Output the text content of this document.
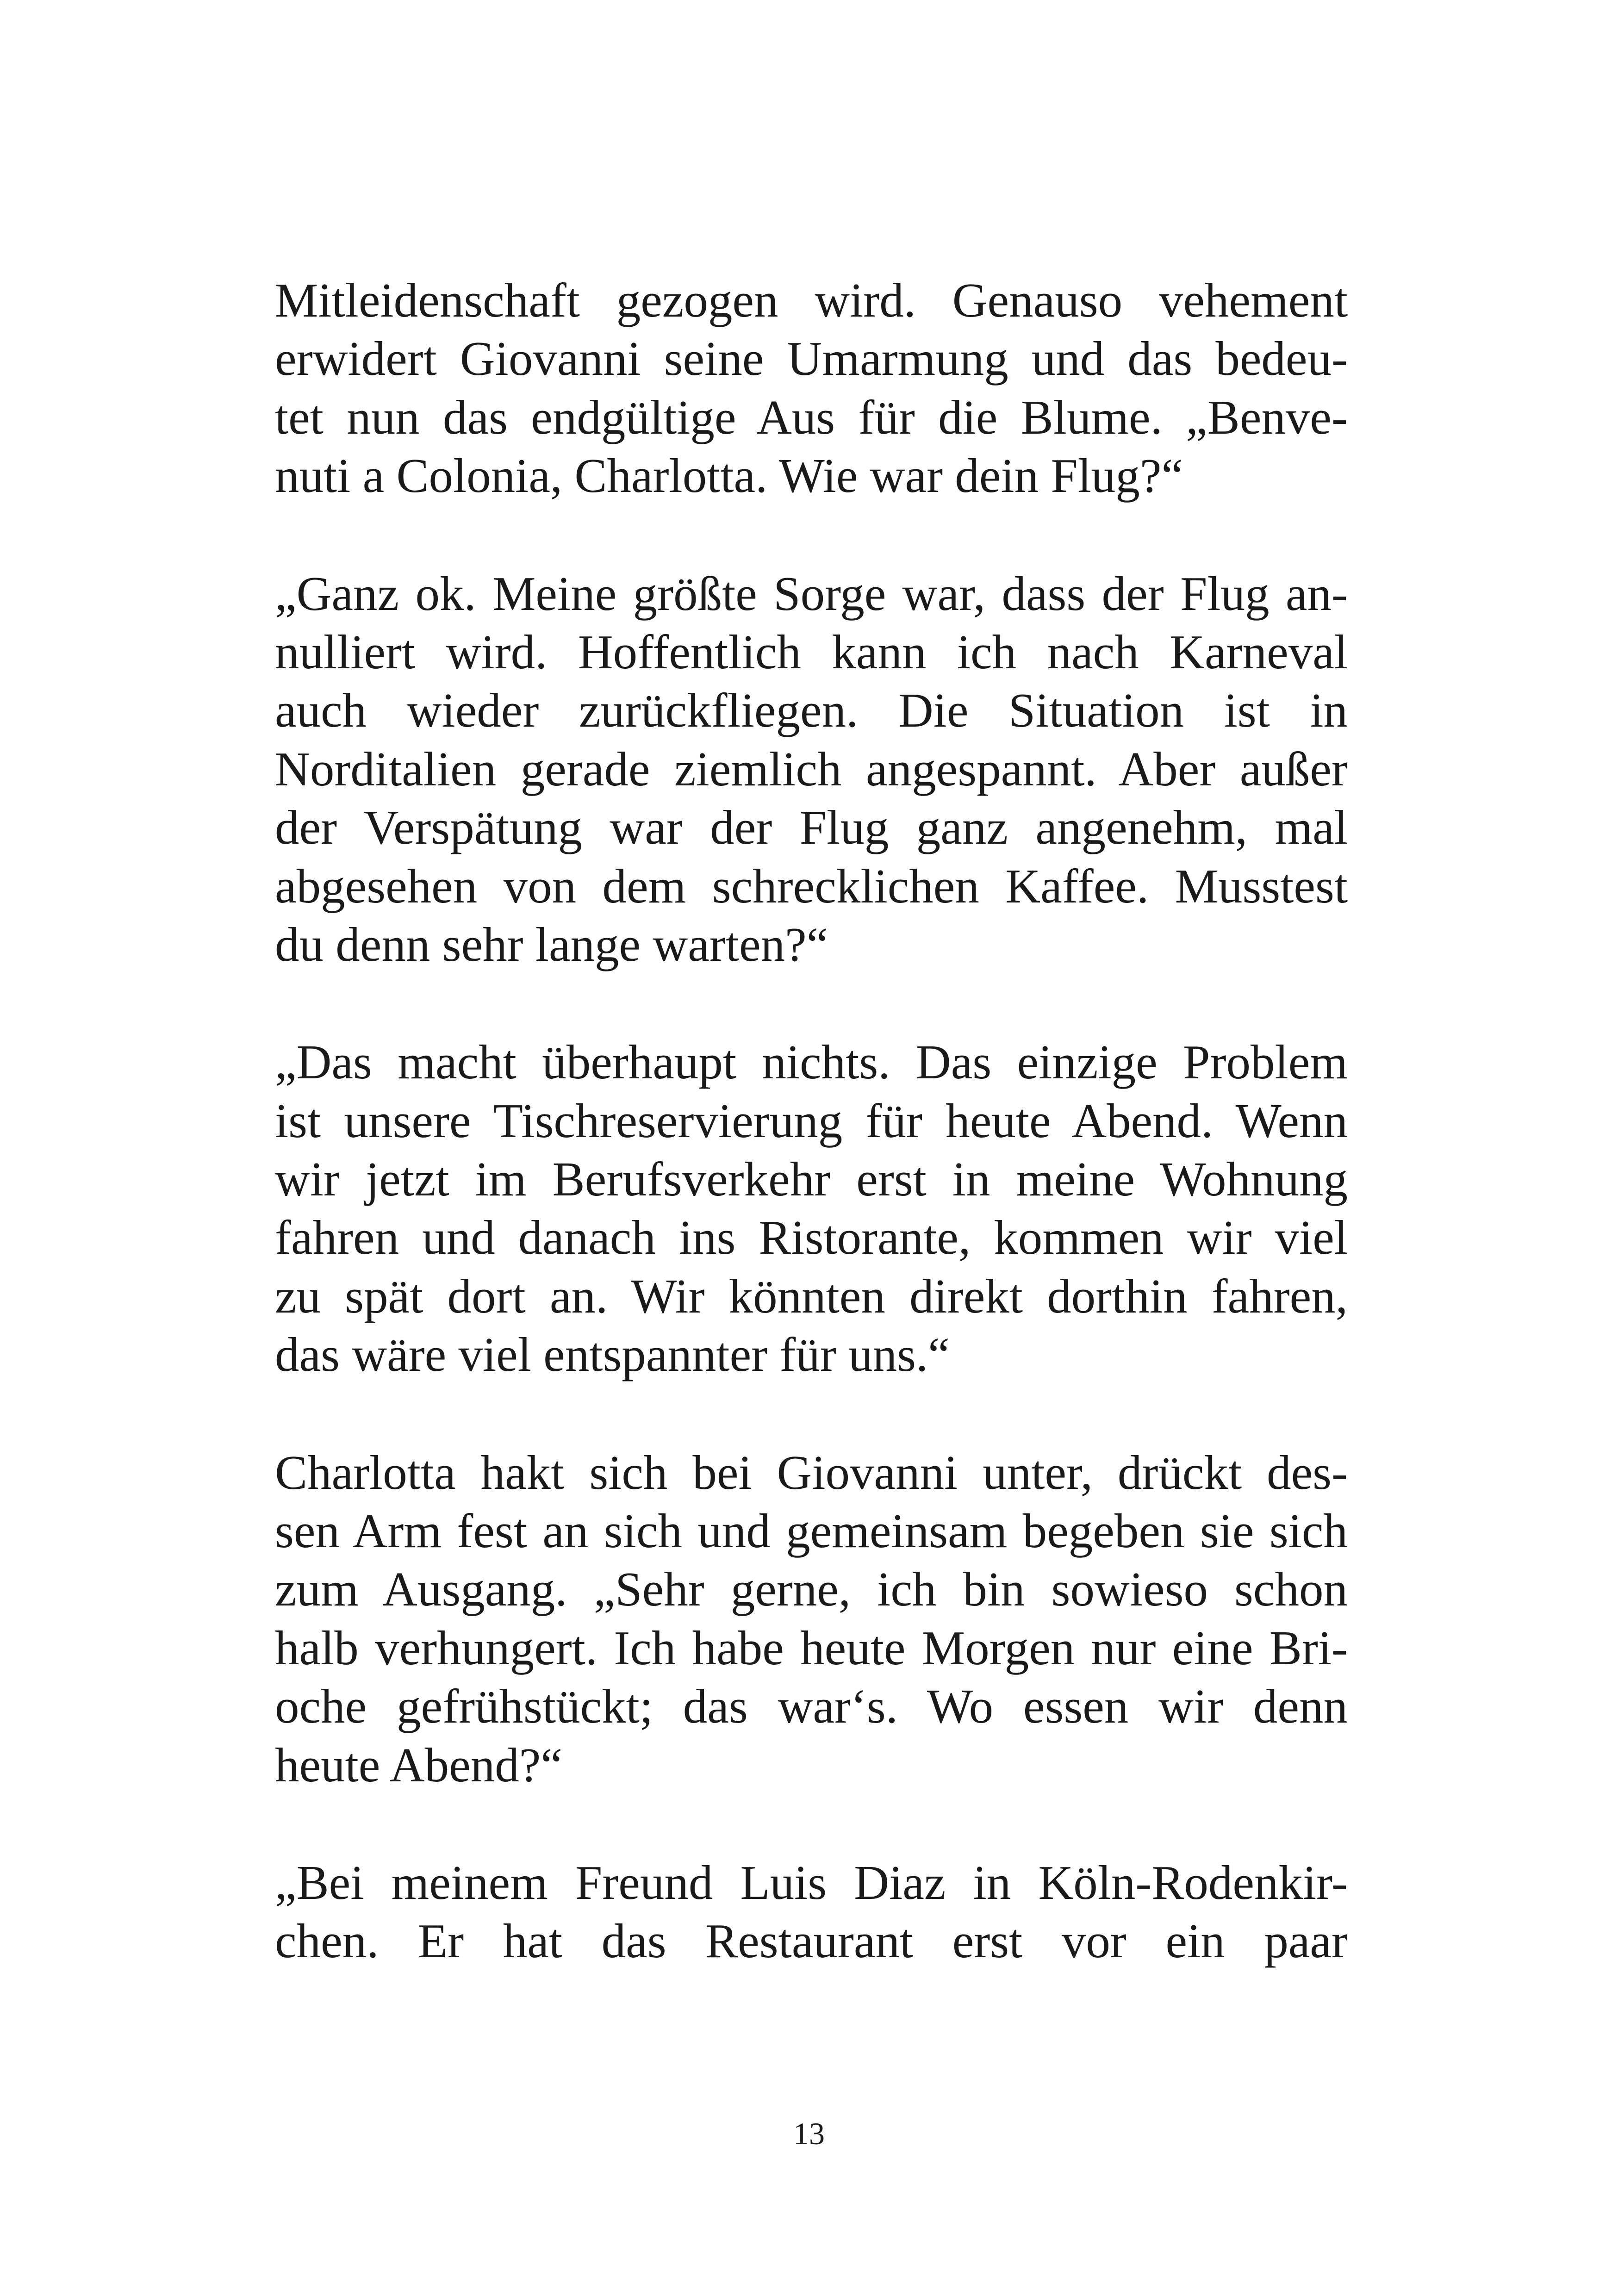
Mitleidenschaft gezogen wird. Genauso vehement
erwidert Giovanni seine Umarmung und das bedeu-
tet nun das endgültige Aus für die Blume. „Benve-
nuti a Colonia, Charlotta. Wie war dein Flug?“

„Ganz ok. Meine größte Sorge war, dass der Flug an-
nulliert wird. Hoffentlich kann ich nach Karneval
auch wieder zurückfliegen. Die Situation ist in
Norditalien gerade ziemlich angespannt. Aber außer
der Verspätung war der Flug ganz angenehm, mal
abgesehen von dem schrecklichen Kaffee. Musstest
du denn sehr lange warten?“

„Das macht überhaupt nichts. Das einzige Problem
ist unsere Tischreservierung für heute Abend. Wenn
wir jetzt im Berufsverkehr erst in meine Wohnung
fahren und danach ins Ristorante, kommen wir viel
zu spät dort an. Wir könnten direkt dorthin fahren,
das wäre viel entspannter für uns.“

Charlotta hakt sich bei Giovanni unter, drückt des-
sen Arm fest an sich und gemeinsam begeben sie sich
zum Ausgang. „Sehr gerne, ich bin sowieso schon
halb verhungert. Ich habe heute Morgen nur eine Bri-
oche gefrühstückt; das war‘s. Wo essen wir denn
heute Abend?“

„Bei meinem Freund Luis Diaz in Köln-Rodenkir-
chen. Er hat das Restaurant erst vor ein paar

13
